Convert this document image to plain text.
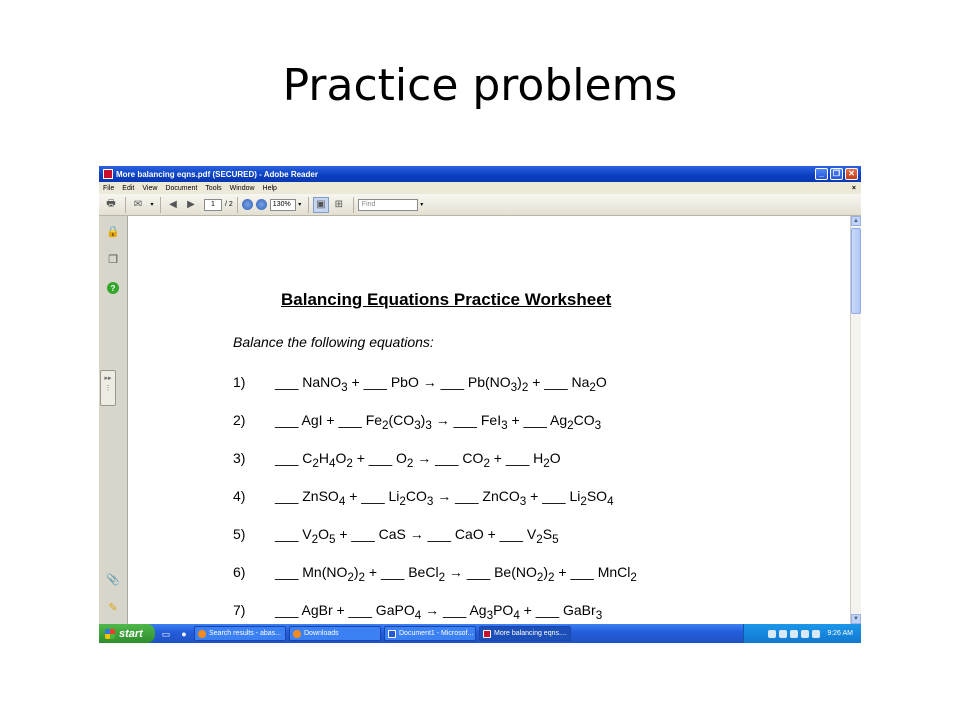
Practice problems
More balancing eqns.pdf (SECURED) - Adobe Reader	_	❐	✕
File	Edit	View	Document	Tools	Window	Help	×
🖶	✉	▾	◀	▶	1	/ 2	130%	▾	▣ ⊞	Find	▾
🔒
❐
?
▸▸
⋮
📎
✎
Balancing Equations Practice Worksheet
Balance the following equations:
1) ___ NaNO$_3$ + ___ PbO → ___ $Pb(NO_3)_2$ + ___ $Na_2O$
2) ___ AgI + ___ $Fe_2(CO_3)_3$ → ___ FeI$_3$ + ___ $Ag_2CO_3$
3) ___ $C_2H_4O_2$ + ___ $O_2$ → ___ $CO_2$ + ___ $H_2O$
4) ___ ZnSO$_4$ + ___ $Li_2CO_3$ → ___ ZnCO$_3$ + ___ $Li_2SO_4$
5) ___ $V_2O_5$ + ___ CaS → ___ CaO + ___ $V_2S_5$
6) ___ $Mn(NO_2)_2$ + ___ BeCl$_2$ → ___ $Be(NO_2)_2$ + ___ MnCl$_2$
7) ___ AgBr + ___ GaPO$_4$ → ___ $Ag_3PO_4$ + ___ GaBr$_3$
▲
▼
start	▭	●	Search results - abas...	Downloads	Document1 - Microsof...	More balancing eqns....	9:26 AM
